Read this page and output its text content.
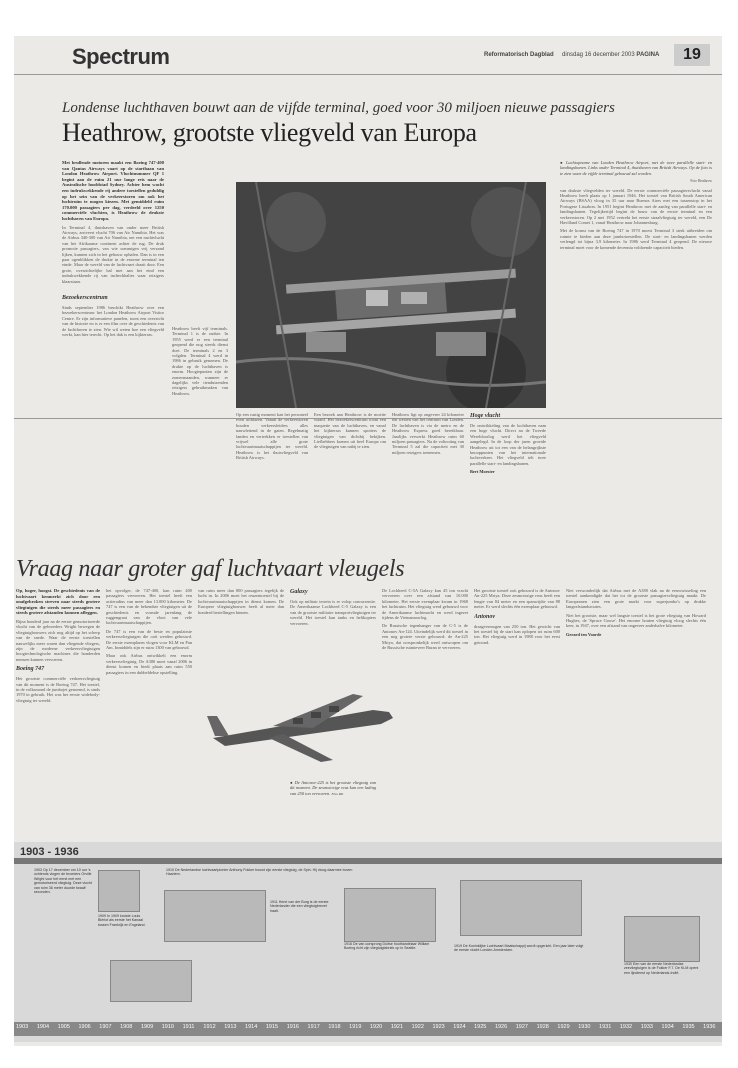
Spectrum	Reformatorisch Dagblad dinsdag 16 december 2003 PAGINA	19
Londense luchthaven bouwt aan de vijfde terminal, goed voor 30 miljoen nieuwe passagiers
Heathrow, grootste vliegveld van Europa

Met brullende motoren maakt een Boeing 747-400 van Qantas Airways vaart op de startbaan van London Heathrow Airport. Vluchtnummer QF 1 begint aan de ruim 21 uur lange reis naar de Australische hoofdstad Sydney. Achter hem wacht een indrukwekkende rij andere toestellen geduldig op het sein van de verkeerstoren om ook het luchtruim te mogen kiezen. Met gemiddeld ruim 170.000 passagiers per dag, verdeeld over 1250 commerciële vluchten, is Heathrow de drukste luchthaven van Europa.

In Terminal 4, thuishaven van onder meer British Airways, arriveert vlucht 706 van Air Namibia. Het was de Airbus 340-300 van Air Namibia, net een nachtvlucht van het Afrikaanse continent achter de rug. De druk promotie passagiers, van wie sommigen vrij verzand lijken, kunnen zich in het gebouw ophalen. Dan is in een paar ogenblikken de drukte in de enorme terminal ten einde. Maar de wereld van de luchtvaart draait door. Een grote, overzichtelijke hal met aan het eind een indrukwekkende rij van incheckbalies waar reizigers klaarstaan.

● Luchtopname van Londen Heathrow Airport, met de twee parallelle start- en landingsbanen. Links onder Terminal 4, thuishaven van British Airways. Op de foto is te zien waar de vijfde terminal gebouwd zal worden.

Foto Heathrow

van drukste vliegvelden ter wereld. De eerste commerciële passagiersvlucht vanaf Heathrow heeft plaats op 1 januari 1946. Het toestel van British South American Airways (BSAA) vloog in 35 uur naar Buenos Aires met een tussenstop in het Portugese Lissabon. In 1951 begint Heathrow met de aanleg van parallelle start- en landingsbanen. Tegelijkertijd begint de bouw van de eerste terminal en een verkeerstoren. Op 2 mei 1952 vertrekt het eerste straalvliegtuig ter wereld, een De Havilland Comet 1, vanaf Heathrow naar Johannesburg.

Met de komst van de Boeing 747 in 1970 moest Terminal 3 sterk uitbreiden om ruimte te bieden aan deze jumbotoestellen. De start- en landingsbanen werden verlengd tot bijna 3,9 kilometer. In 1986 werd Terminal 4 geopend. De nieuwe terminal moet voor de komende decennia voldoende capaciteit bieden.

Bezoekerscentrum

Sinds september 1986 beschikt Heathrow over een bezoekerscentrum: het London Heathrow Airport Visitor Centre. Er zijn informatieve panelen, toont een overzicht van de historie en is er een film over de geschiedenis van de luchthaven te zien. Wie wil weten hoe een vliegveld werkt, kan hier terecht. Op het dak is een kijkterras.

Heathrow heeft vijf terminals. Terminal 1 is de oudste. In 1955 werd er een terminal geopend die nog steeds dienst doet. De terminals 2 en 3 volgden. Terminal 4 werd in 1986 in gebruik genomen. De drukte op de luchthaven is enorm. Hoogtepunten zijn de zomermaanden, wanneer er dagelijks vele tienduizenden reizigers gebruikmaken van Heathrow.

Op een rustig moment kan het personeel even uitblazen. Vanuit de verkeerstoren houden verkeersleiders alles nauwlettend in de gaten. Regelmatig landen en vertrekken er toestellen van vrijwel alle grote luchtvaartmaatschappijen ter wereld. Heathrow is het thuisvliegveld van British Airways.

Een bezoek aan Heathrow is de moeite waard. Het bezoekerscentrum toont een maquette van de luchthaven, en vanaf het kijkterras kunnen spotters de vliegtuigen van dichtbij bekijken. Liefhebbers komen uit heel Europa om de vliegtuigen van nabij te zien.

Heathrow ligt op ongeveer 24 kilometer ten westen van het centrum van Londen. De luchthaven is via de metro en de Heathrow Express goed bereikbaar. Jaarlijks verwerkt Heathrow ruim 60 miljoen passagiers. Na de voltooiing van Terminal 5 zal die capaciteit met 30 miljoen reizigers toenemen.

Hoge vlucht

De ontwikkeling van de luchthaven nam een hoge vlucht. Direct na de Tweede Wereldoorlog werd het vliegveld aangelegd. In de loop der jaren groeide Heathrow uit tot een van de belangrijkste knooppunten van het internationale luchtverkeer. Het vliegveld telt twee parallelle start- en landingsbanen.

Bert Moester

Vraag naar groter gaf luchtvaart vleugels

Op, hoger, hoogst. De geschiedenis van de luchtvaart kenmerkt zich door een onafgebroken streven naar steeds grotere vliegtuigen die steeds meer passagiers en steeds grotere afstanden kunnen afleggen.

Bijna honderd jaar na de eerste gemotoriseerde vlucht van de gebroeders Wright bewegen de vliegtuigbouwers zich nog altijd op het scherp van de snede. Waar de eerste toestellen nauwelijks meer waren dan vliegende vliegers, zijn de moderne verkeersvliegtuigen hoogtechnologische machines die honderden mensen kunnen vervoeren.

Boeing 747

Het grootste commerciële verkeersvliegtuig van dit moment is de Boeing 747. Het toestel, in de volksmond de jumbojet genoemd, is sinds 1970 in gebruik. Het was het eerste widebody-vliegtuig ter wereld.

het opvolger, de 747-400, kan ruim 400 passagiers vervoeren. Het toestel heeft een actieradius van meer dan 13.000 kilometer. De 747 is een van de bekendste vliegtuigen uit de geschiedenis en vormde jarenlang de ruggengraat van de vloot van vele luchtvaartmaatschappijen.

De 747 is een van de beste en populairste verkeersvliegtuigen die ooit werden gebouwd. De eerste exemplaren vlogen voor KLM en Pan Am. Inmiddels zijn er ruim 1300 van gebouwd.

Maar ook Airbus ontwikkelt een enorm verkeersvliegtuig. De A380 moet vanaf 2006 in dienst komen en biedt plaats aan ruim 550 passagiers in een dubbeldekse opstelling.

van ruim meer dan 800 passagiers tegelijk de lucht in. In 2006 moet het reuzentoestel bij de luchtvaartmaatschappijen in dienst komen. De Europese vliegtuigbouwer heeft al meer dan honderd bestellingen binnen.

Galaxy

Ook op militair terrein is er volop concurrentie. De Amerikaanse Lockheed C-5 Galaxy is een van de grootste militaire transportvliegtuigen ter wereld. Het toestel kan tanks en helikopters vervoeren.

● De Antonov-225 is het grootste vliegtuig van dit moment. De zesmotorige reus kan een lading van 250 ton vervoeren. Foto RD

De Lockheed C-5A Galaxy kan 45 ton vracht vervoeren over een afstand van 10.000 kilometer. Het eerste exemplaar kwam in 1968 het luchtruim. Het vliegtuig werd gebouwd voor de Amerikaanse luchtmacht en werd ingezet tijdens de Vietnamoorlog.

De Russische tegenhanger van de C-5 is de Antonov An-124. Uiteindelijk werd dit toestel in een nog grotere versie gebouwd: de An-225 Mriya, dat oorspronkelijk werd ontworpen om de Russische ruimteveer Buran te vervoeren.

Het grootste toestel ooit gebouwd is de Antonov An-225 Mriya. Deze zesmotorige reus heeft een lengte van 84 meter en een spanwijdte van 88 meter. Er werd slechts één exemplaar gebouwd.

Antonov

draagvermogen van 250 ton. Het gewicht van het toestel bij de start kan oplopen tot ruim 600 ton. Het vliegtuig werd in 1988 voor het eerst getoond.

Niet verwonderlijk dat Airbus met de A380 vlak na de eeuwwisseling een toestel aankondigde dat het tot de grootste passagiersvliegtuig maakt. De Europeanen zien een grote markt voor superjumbo's op drukke langeafstandsroutes.

Niet het grootste, maar wel langste toestel is het grote vliegtuig van Howard Hughes, de 'Spruce Goose'. Het enorme houten vliegtuig vloog slechts één keer, in 1947, over een afstand van ongeveer anderhalve kilometer.

Gerard ten Voorde

1903 - 1936
1903 Op 17 december om 10 uur 's ochtends vlogen de broeders Orville Wright voor het eerst met een gemotoriseerd vliegtuig. Deze vlucht van ruim 36 meter duurde twaalf seconden.
1909 In 1909 kruiste Louis Blériot als eerste het Kanaal tussen Frankrijk en Engeland.
1910 De Nederlandse luchtvaartpionier Anthony Fokker bouwt zijn eerste vliegtuig, de Spin. Hij vloog daarmee boven Haarlem.
1911 Henri van der Burg is de eerste Nederlander die een vliegtuigbrevet haalt.
1916 De van oorsprong Duitse houthandelaar William Boeing richt zijn vliegtuigfabriek op in Seattle.
1919 De Koninklijke Luchtvaart Maatschappij wordt opgericht. Een jaar later volgt de eerste vlucht Londen-Amsterdam.
1930 Een van de eerste Nederlandse zeevliegtuigen is de Fokker F.7. De KLM opent een lijndienst op Nederlands-Indië.
1903 1904 1905 1906 1907 1908 1909 1910 1911 1912 1913 1914 1915 1916 1917 1918 1919 1920 1921 1922 1923 1924 1925 1926 1927 1928 1929 1930 1931 1932 1933 1934 1935 1936
